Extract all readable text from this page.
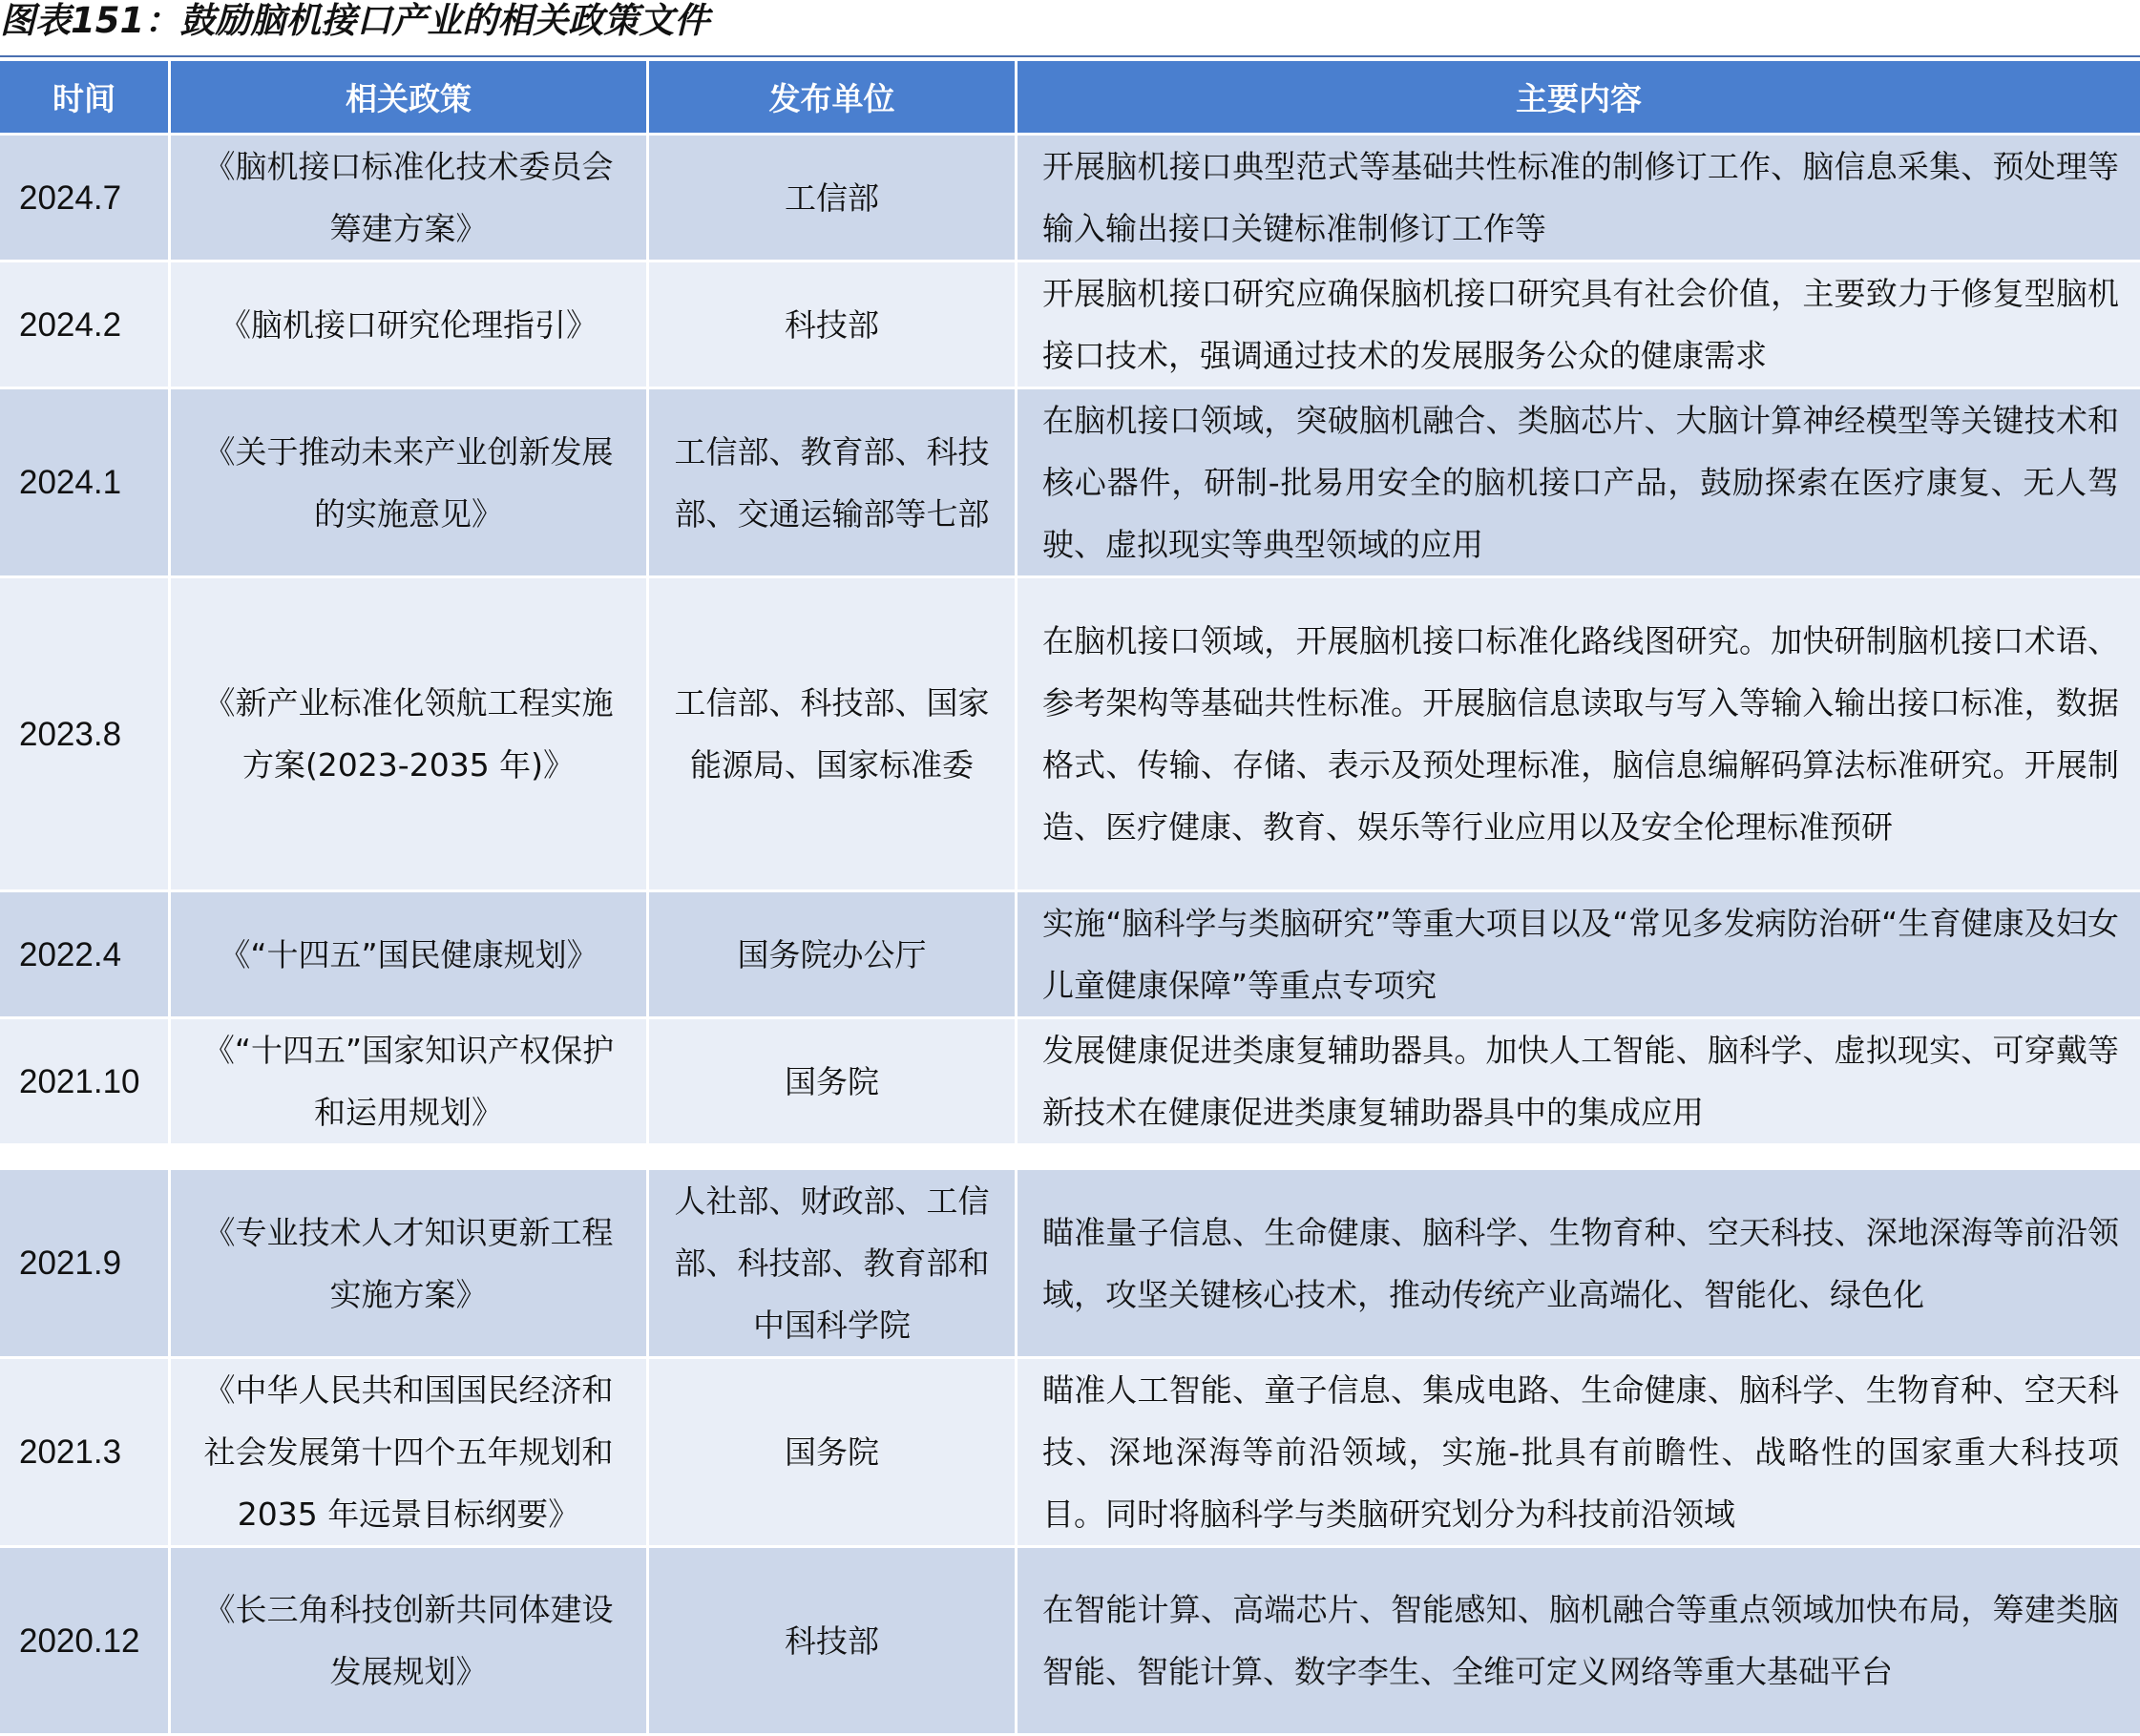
图表151：鼓励脑机接口产业的相关政策文件
时间	相关政策	发布单位	主要内容
2024.7	《脑机接口标准化技术委员会筹建方案》	工信部	开展脑机接口典型范式等基础共性标准的制修订工作、脑信息采集、预处理等输入输出接口关键标准制修订工作等
2024.2	《脑机接口研究伦理指引》	科技部	开展脑机接口研究应确保脑机接口研究具有社会价值，主要致力于修复型脑机接口技术，强调通过技术的发展服务公众的健康需求
2024.1	《关于推动未来产业创新发展的实施意见》	工信部、教育部、科技部、交通运输部等七部	在脑机接口领域，突破脑机融合、类脑芯片、大脑计算神经模型等关键技术和核心器件，研制-批易用安全的脑机接口产品，鼓励探索在医疗康复、无人驾驶、虚拟现实等典型领域的应用
2023.8	《新产业标准化领航工程实施方案(2023-2035 年)》	工信部、科技部、国家能源局、国家标准委	在脑机接口领域，开展脑机接口标准化路线图研究。加快研制脑机接口术语、参考架构等基础共性标准。开展脑信息读取与写入等输入输出接口标准，数据格式、传输、存储、表示及预处理标准，脑信息编解码算法标准研究。开展制造、医疗健康、教育、娱乐等行业应用以及安全伦理标准预研
2022.4	《“十四五”国民健康规划》	国务院办公厅	实施“脑科学与类脑研究”等重大项目以及“常见多发病防治研“生育健康及妇女儿童健康保障”等重点专项究
2021.10	《“十四五”国家知识产权保护和运用规划》	国务院	发展健康促进类康复辅助器具。加快人工智能、脑科学、虚拟现实、可穿戴等新技术在健康促进类康复辅助器具中的集成应用

2021.9	《专业技术人才知识更新工程实施方案》	人社部、财政部、工信部、科技部、教育部和中国科学院	瞄准量子信息、生命健康、脑科学、生物育种、空天科技、深地深海等前沿领域，攻坚关键核心技术，推动传统产业高端化、智能化、绿色化
2021.3	《中华人民共和国国民经济和社会发展第十四个五年规划和 2035 年远景目标纲要》	国务院	瞄准人工智能、童子信息、集成电路、生命健康、脑科学、生物育种、空天科技、深地深海等前沿领域，实施-批具有前瞻性、战略性的国家重大科技项目。同时将脑科学与类脑研究划分为科技前沿领域
2020.12	《长三角科技创新共同体建设发展规划》	科技部	在智能计算、高端芯片、智能感知、脑机融合等重点领域加快布局，筹建类脑智能、智能计算、数字李生、全维可定义网络等重大基础平台
